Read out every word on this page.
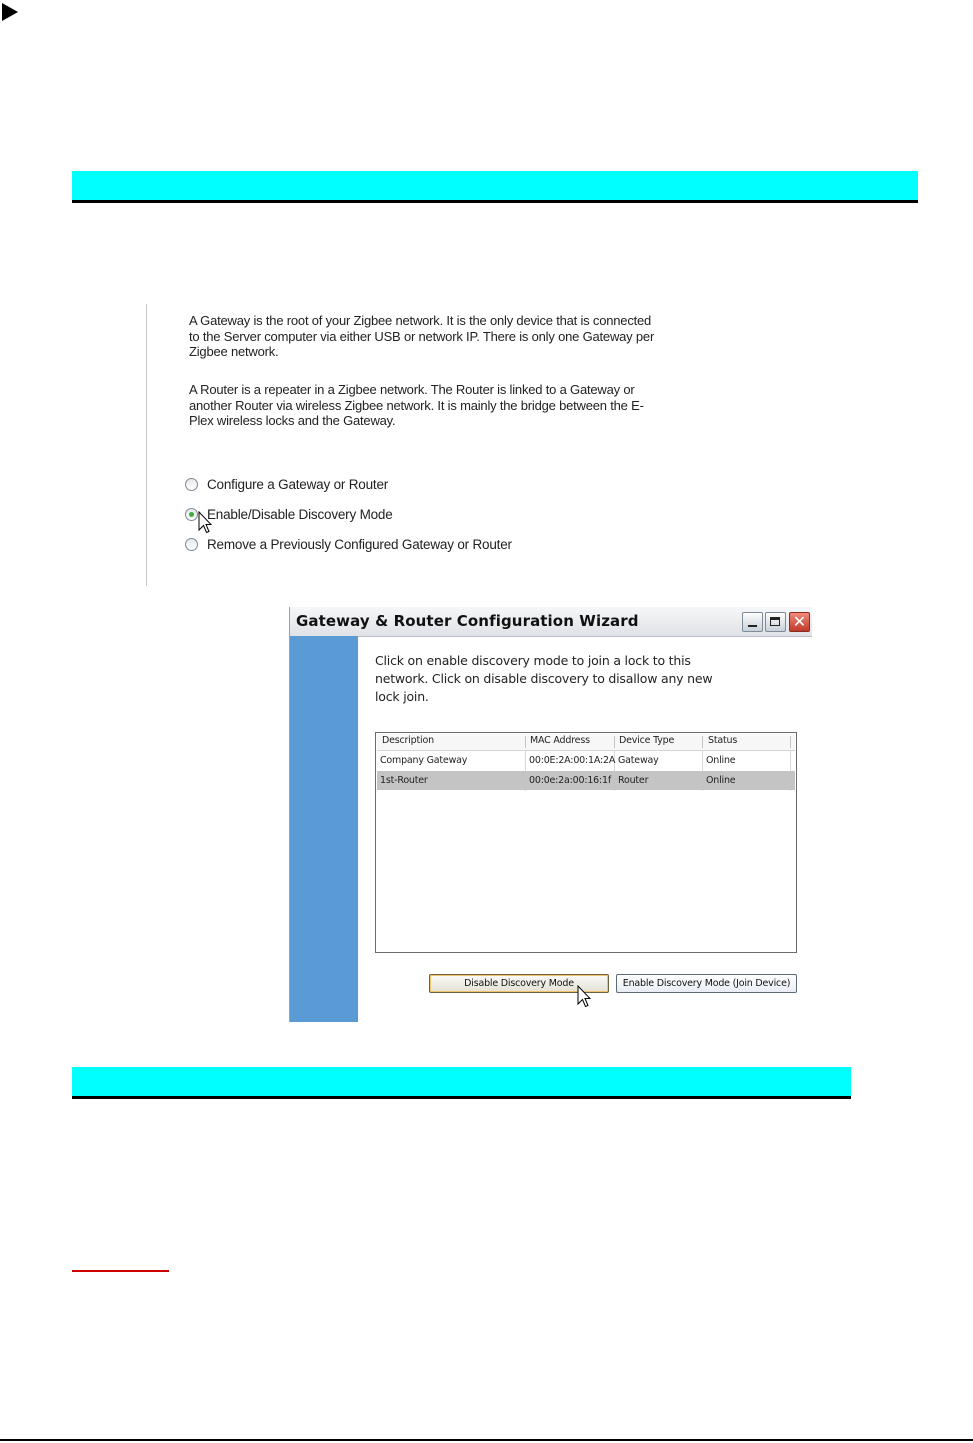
A Gateway is the root of your Zigbee network. It is the only device that is connected to the Server computer via either USB or network IP. There is only one Gateway per Zigbee network.
A Router is a repeater in a Zigbee network. The Router is linked to a Gateway or another Router via wireless Zigbee network. It is mainly the bridge between the E-Plex wireless locks and the Gateway.
Configure a Gateway or Router
Enable/Disable Discovery Mode
Remove a Previously Configured Gateway or Router
Gateway & Router Configuration Wizard	✕
Click on enable discovery mode to join a lock to this network. Click on disable discovery to disallow any new lock join.
Description	MAC Address	Device Type	Status
Company Gateway	00:0E:2A:00:1A:2A Gateway	Online
1st-Router	00:0e:2a:00:16:1f Router	Online
Disable Discovery Mode	Enable Discovery Mode (Join Device)
